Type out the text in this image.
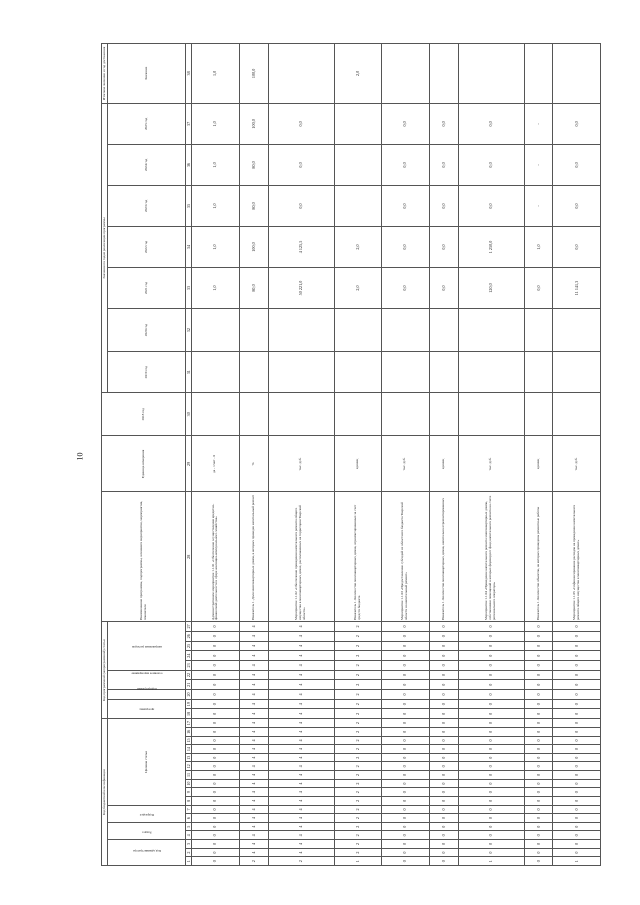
10
Код бюджетной классификации																	Код программной (непрограммной) статьи										Наименование программы, подпрограммы, основного мероприятия, мероприятия, показателя	Единица измерения	2018 год	Значения по годам реализации программы							Итоговое значение и год достижения
Код администратора			Раздел		Подраздел		Целевая статья										программа		подпрограмма	основное мероприятие		направление расходов								2019 год	2020 год	2021 год	2022 год	2023 год	2024 год	2025 год	Значение
1	2	3	4	5	6	7	8	9	10	11	12	13	14	15	16	17	18	19	20	21	22	23	24	25	26	27	28	29	30	31	32	33	34	35	36	37	38
0	0	0	0	0	0	0	0	0	0	0	0	0	0	0	0	0	0	0	0	0	0	0	0	0	0	0	Административное мероприятие 1.1.01 «Обеспечение осуществления кредитно-финансовой деятельности в сфере жилищно-коммунального хозяйства»	да - 1/нет - 0				1,0	1,0	1,0	1,0	1,0	1,0
2	4	4	4	4	4	4	4	4	4	4	4	4	4	4	4	4	4	4	4	4	4	4	4	4	4	4	Показатель 1. Доля многоквартирных домов, в которых проведен капитальный ремонт	%				80,0	100,0	80,0	80,0	100,0	100,0
2	4	4	4	4	4	4	4	4	4	4	4	4	4	4	4	4	4	4	4	4	4	4	4	4	4	4	Мероприятие 1.1.02 «Обеспечение проведения капитального ремонта общего имущества в многоквартирных домах, расположенных на территории Тверской области»	тыс. руб.				50 221,0	4 125,5	0,0	0,0	0,0	
1	2	2	2	2	2	2	2	2	2	2	2	2	2	2	2	2	2	2	2	2	2	2	2	2	2	2	Показатель 1. Количество многоквартирных домов, отремонтированных за счет средств бюджета	единиц				2,0	2,0				2,0
0	0	0	0	0	0	0	0	0	0	0	0	0	0	0	0	0	0	0	0	0	0	0	0	0	0	0	Мероприятие 1.1.03 «Предоставление субсидий из областного бюджета Тверской области на капитальный ремонт»	тыс. руб.				0,0	0,0	0,0	0,0	0,0	
0	0	0	0	0	0	0	0	0	0	0	0	0	0	0	0	0	0	0	0	0	0	0	0	0	0	0	Показатель 1. Количество многоквартирных домов, капитально отремонтированных	единиц				0,0	0,0	0,0	0,0	0,0	
1	0	0	0	0	0	0	0	0	0	0	0	0	0	0	0	0	0	0	0	0	0	0	0	0	0	0	Мероприятие 1.1.04 «Проведение капитального ремонта многоквартирных домов, собственники помещений в которых формируют фонд капитального ремонта на счете регионального оператора»	тыс. руб.				120,0	1 250,0	0,0	0,0	0,0	
0	0	0	0	0	0	0	0	0	0	0	0	0	0	0	0	0	0	0	0	0	0	0	0	0	0	0	Показатель 1. Количество объектов, на которых проведены ремонтные работы	единиц				0,0	1,0	-	-	-	
1	0	0	0	0	0	0	0	0	0	0	0	0	0	0	0	0	0	0	0	0	0	0	0	0	0	0	Мероприятие 1.1.05 «Софинансирование расходов на проведение капитального ремонта общего имущества в многоквартирных домах»	тыс. руб.				11 141,3	0,0	0,0	0,0	0,0	
